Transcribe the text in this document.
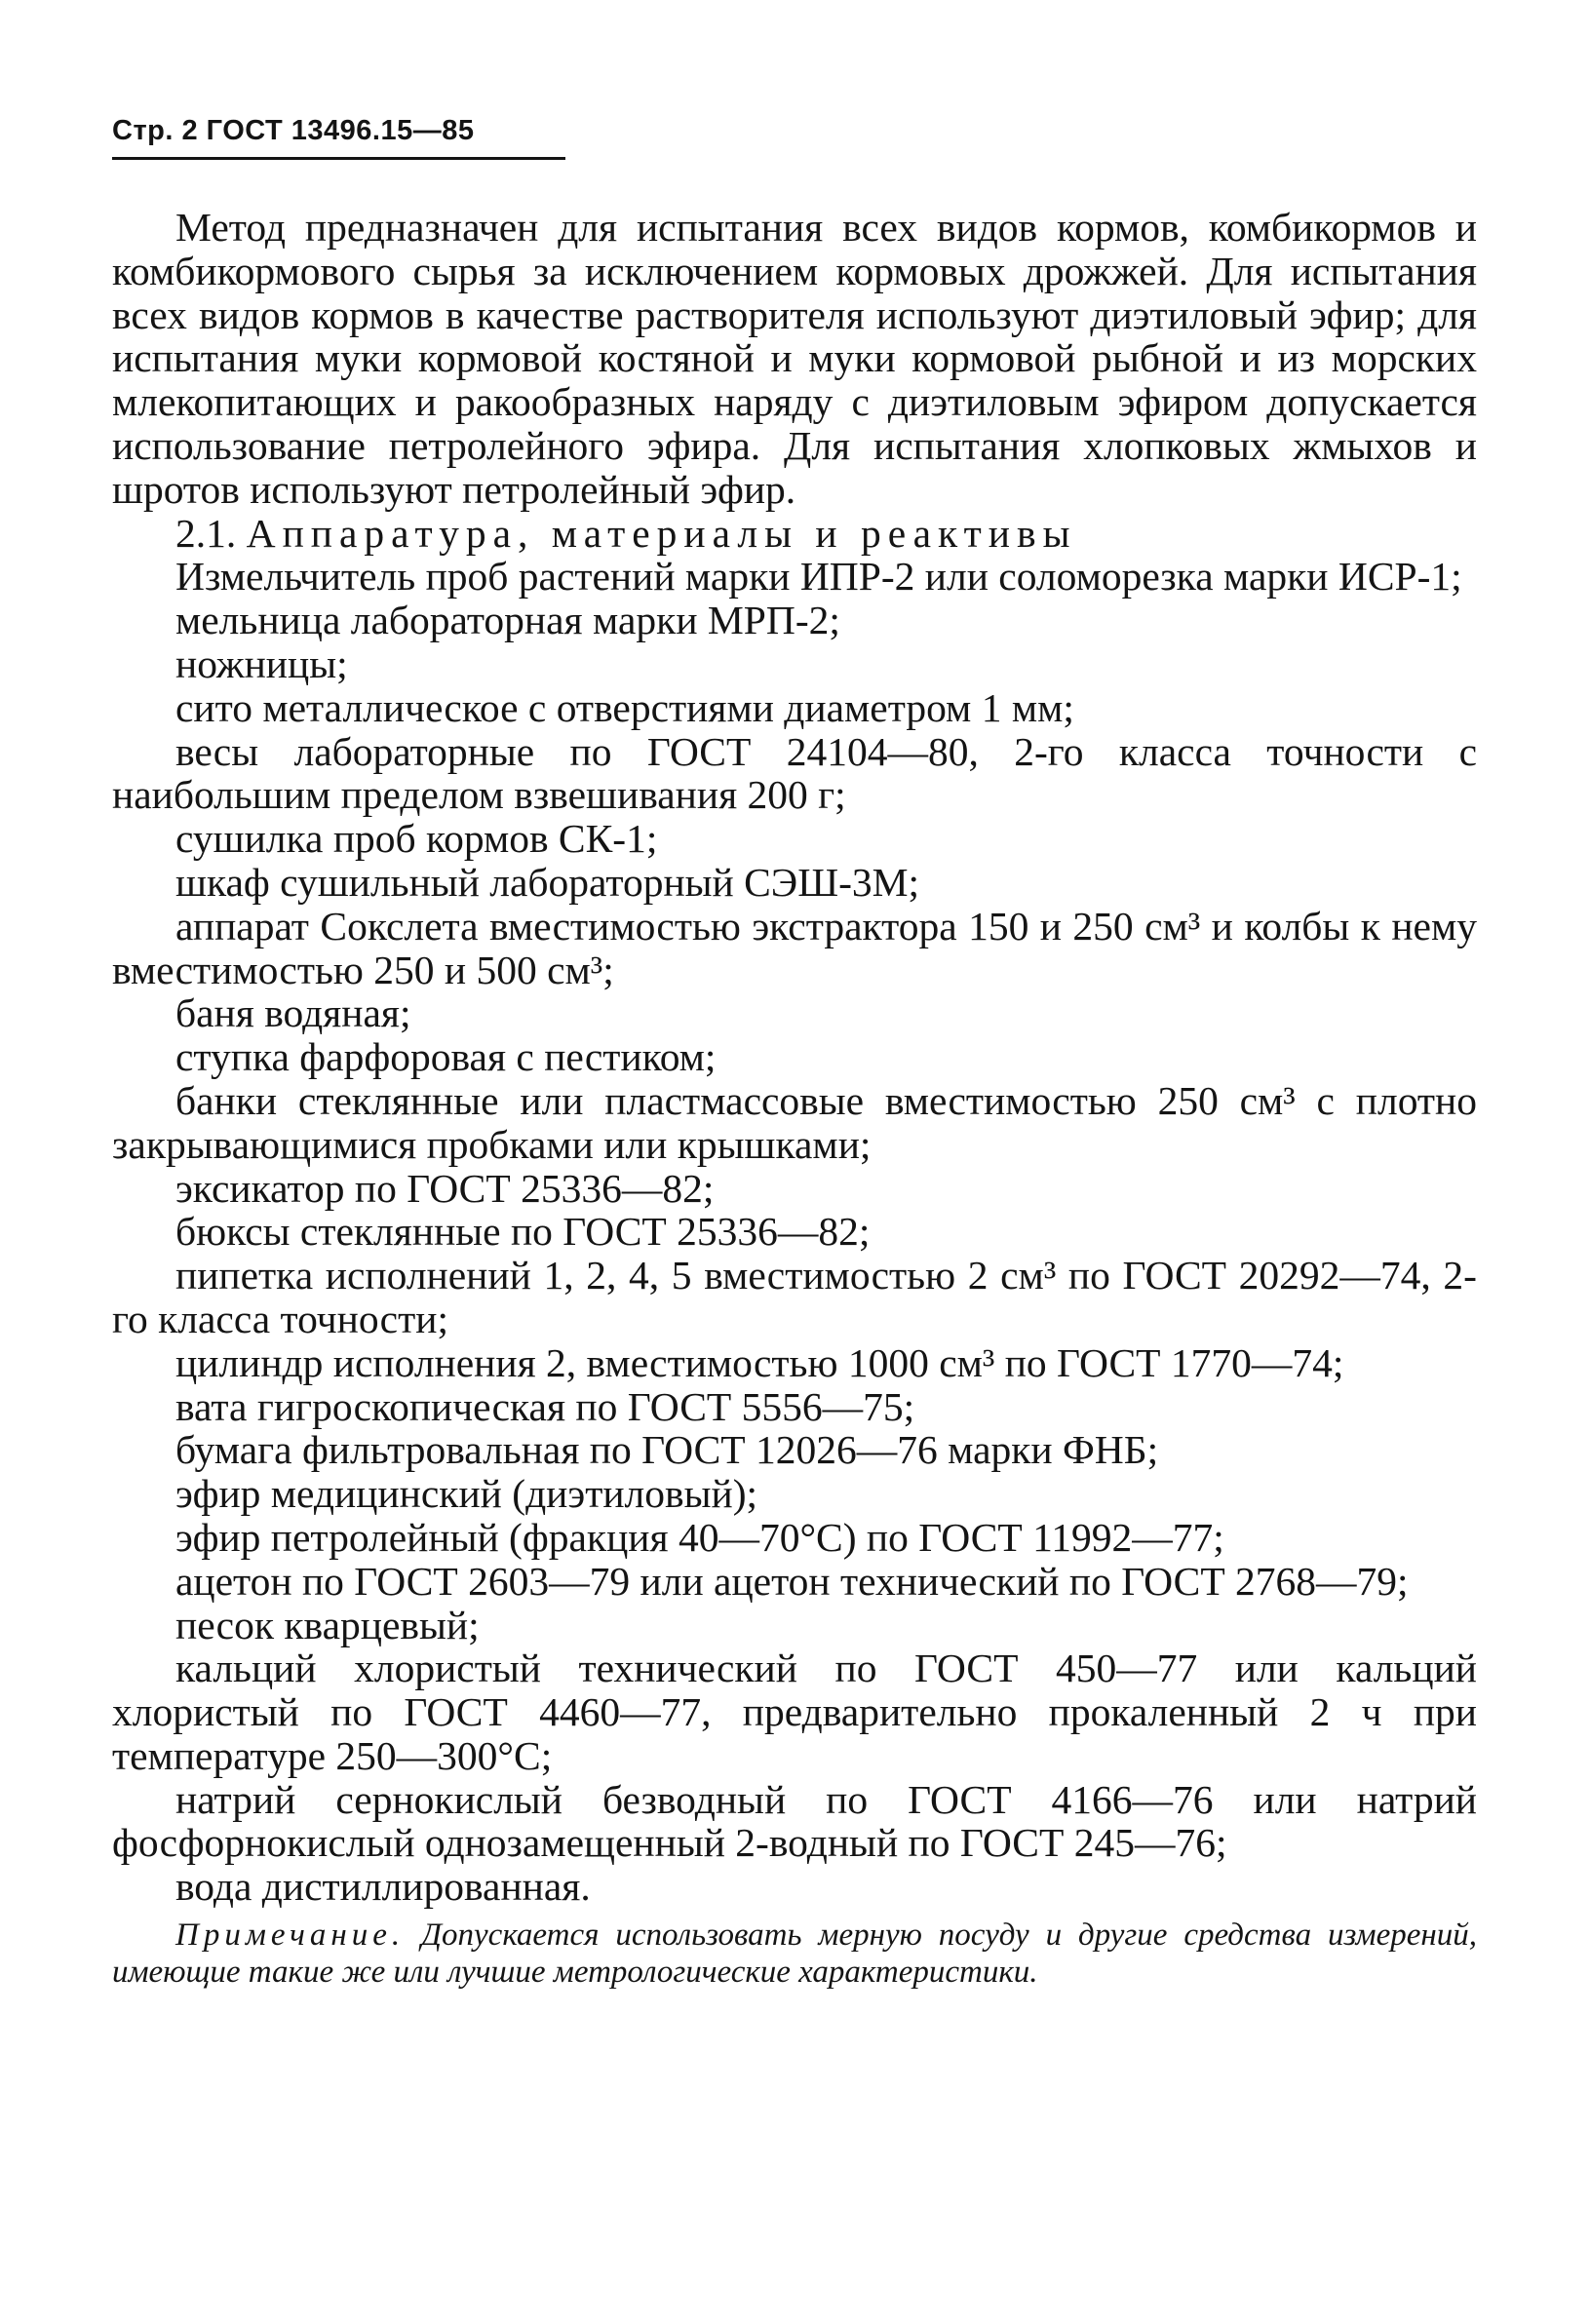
Стр. 2 ГОСТ 13496.15—85

Метод предназначен для испытания всех видов кормов, комбикормов и комбикормового сырья за исключением кормовых дрожжей. Для испытания всех видов кормов в качестве растворителя используют диэтиловый эфир; для испытания муки кормовой костяной и муки кормовой рыбной и из морских млекопитающих и ракообразных наряду с диэтиловым эфиром допускается использование петролейного эфира. Для испытания хлопковых жмыхов и шротов используют петролейный эфир.

2.1. Аппаратура, материалы и реактивы

Измельчитель проб растений марки ИПР-2 или соломорезка марки ИСР-1;

мельница лабораторная марки МРП-2;

ножницы;

сито металлическое с отверстиями диаметром 1 мм;

весы лабораторные по ГОСТ 24104—80, 2-го класса точности с наибольшим пределом взвешивания 200 г;

сушилка проб кормов СК-1;

шкаф сушильный лабораторный СЭШ-3М;

аппарат Сокслета вместимостью экстрактора 150 и 250 см³ и колбы к нему вместимостью 250 и 500 см³;

баня водяная;

ступка фарфоровая с пестиком;

банки стеклянные или пластмассовые вместимостью 250 см³ с плотно закрывающимися пробками или крышками;

эксикатор по ГОСТ 25336—82;

бюксы стеклянные по ГОСТ 25336—82;

пипетка исполнений 1, 2, 4, 5 вместимостью 2 см³ по ГОСТ 20292—74, 2-го класса точности;

цилиндр исполнения 2, вместимостью 1000 см³ по ГОСТ 1770—74;

вата гигроскопическая по ГОСТ 5556—75;

бумага фильтровальная по ГОСТ 12026—76 марки ФНБ;

эфир медицинский (диэтиловый);

эфир петролейный (фракция 40—70°С) по ГОСТ 11992—77;

ацетон по ГОСТ 2603—79 или ацетон технический по ГОСТ 2768—79;

песок кварцевый;

кальций хлористый технический по ГОСТ 450—77 или кальций хлористый по ГОСТ 4460—77, предварительно прокаленный 2 ч при температуре 250—300°С;

натрий сернокислый безводный по ГОСТ 4166—76 или натрий фосфорнокислый однозамещенный 2-водный по ГОСТ 245—76;

вода дистиллированная.

Примечание. Допускается использовать мерную посуду и другие средства измерений, имеющие такие же или лучшие метрологические характеристики.
